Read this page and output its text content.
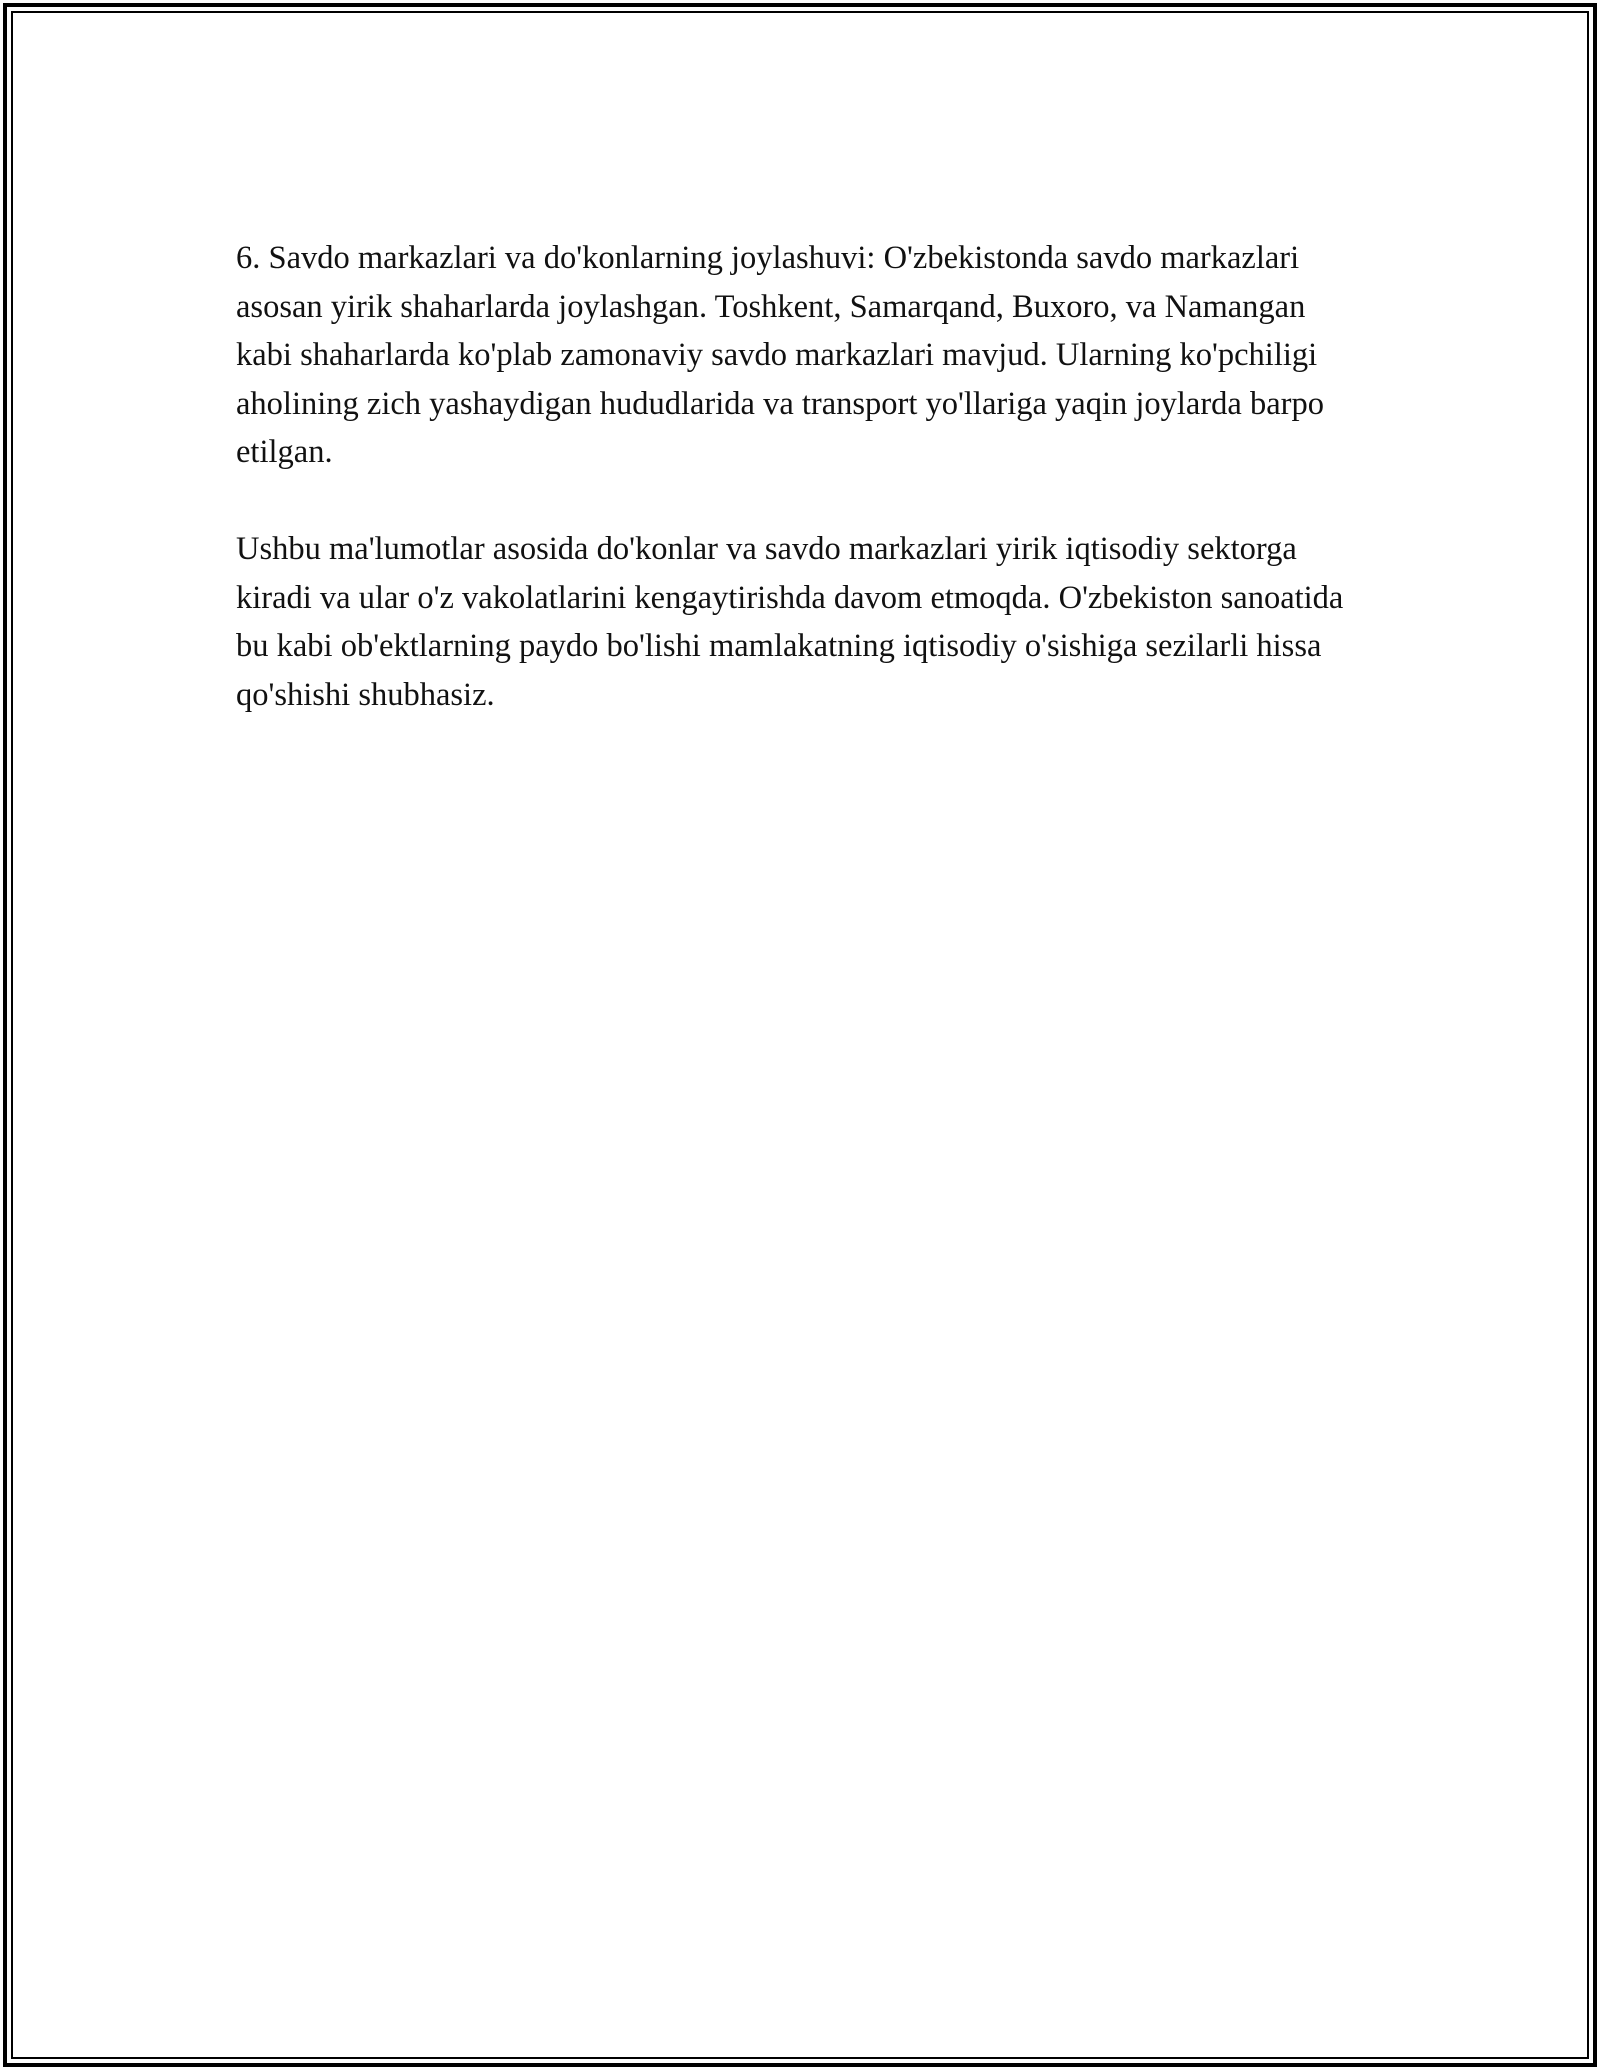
6. Savdo markazlari va do'konlarning joylashuvi: O'zbekistonda savdo markazlari asosan yirik shaharlarda joylashgan. Toshkent, Samarqand, Buxoro, va Namangan kabi shaharlarda ko'plab zamonaviy savdo markazlari mavjud. Ularning ko'pchiligi aholining zich yashaydigan hududlarida va transport yo'llariga yaqin joylarda barpo etilgan.

Ushbu ma'lumotlar asosida do'konlar va savdo markazlari yirik iqtisodiy sektorga kiradi va ular o'z vakolatlarini kengaytirishda davom etmoqda. O'zbekiston sanoatida bu kabi ob'ektlarning paydo bo'lishi mamlakatning iqtisodiy o'sishiga sezilarli hissa qo'shishi shubhasiz.
